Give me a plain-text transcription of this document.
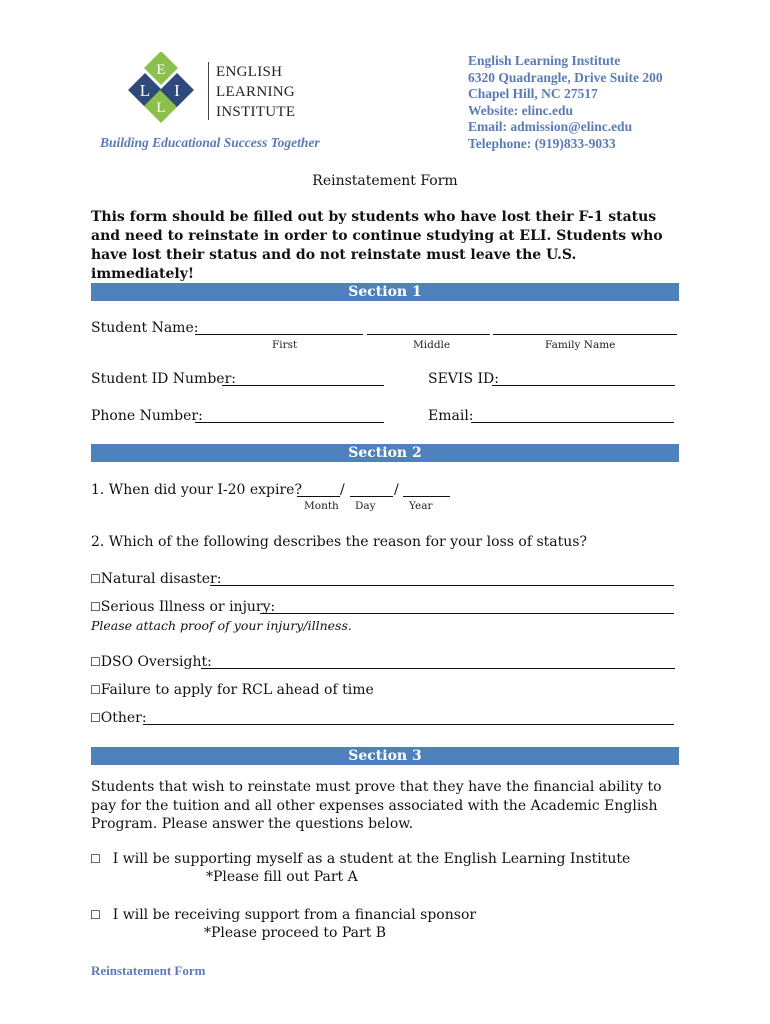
E
L
L
I
ENGLISH
LEARNING
INSTITUTE
Building Educational Success Together
English Learning Institute
6320 Quadrangle, Drive Suite 200
Chapel Hill, NC 27517
Website: elinc.edu
Email: admission@elinc.edu
Telephone: (919)833-9033
Reinstatement Form
This form should be filled out by students who have lost their F-1 status and need to reinstate in order to continue studying at ELI. Students who have lost their status and do not reinstate must leave the U.S. immediately!
Section 1
Student Name:
First	Middle	Family Name
Student ID Number:	SEVIS ID:
Phone Number:	Email:
Section 2
1. When did your I-20 expire?	/	/
Month Day	Year
2. Which of the following describes the reason for your loss of status?
☐Natural disaster:
☐Serious Illness or injury:
Please attach proof of your injury/illness.
☐DSO Oversight:
☐Failure to apply for RCL ahead of time
☐Other:
Section 3
Students that wish to reinstate must prove that they have the financial ability to pay for the tuition and all other expenses associated with the Academic English Program. Please answer the questions below.
☐ I will be supporting myself as a student at the English Learning Institute
*Please fill out Part A
☐ I will be receiving support from a financial sponsor
*Please proceed to Part B
Reinstatement Form
